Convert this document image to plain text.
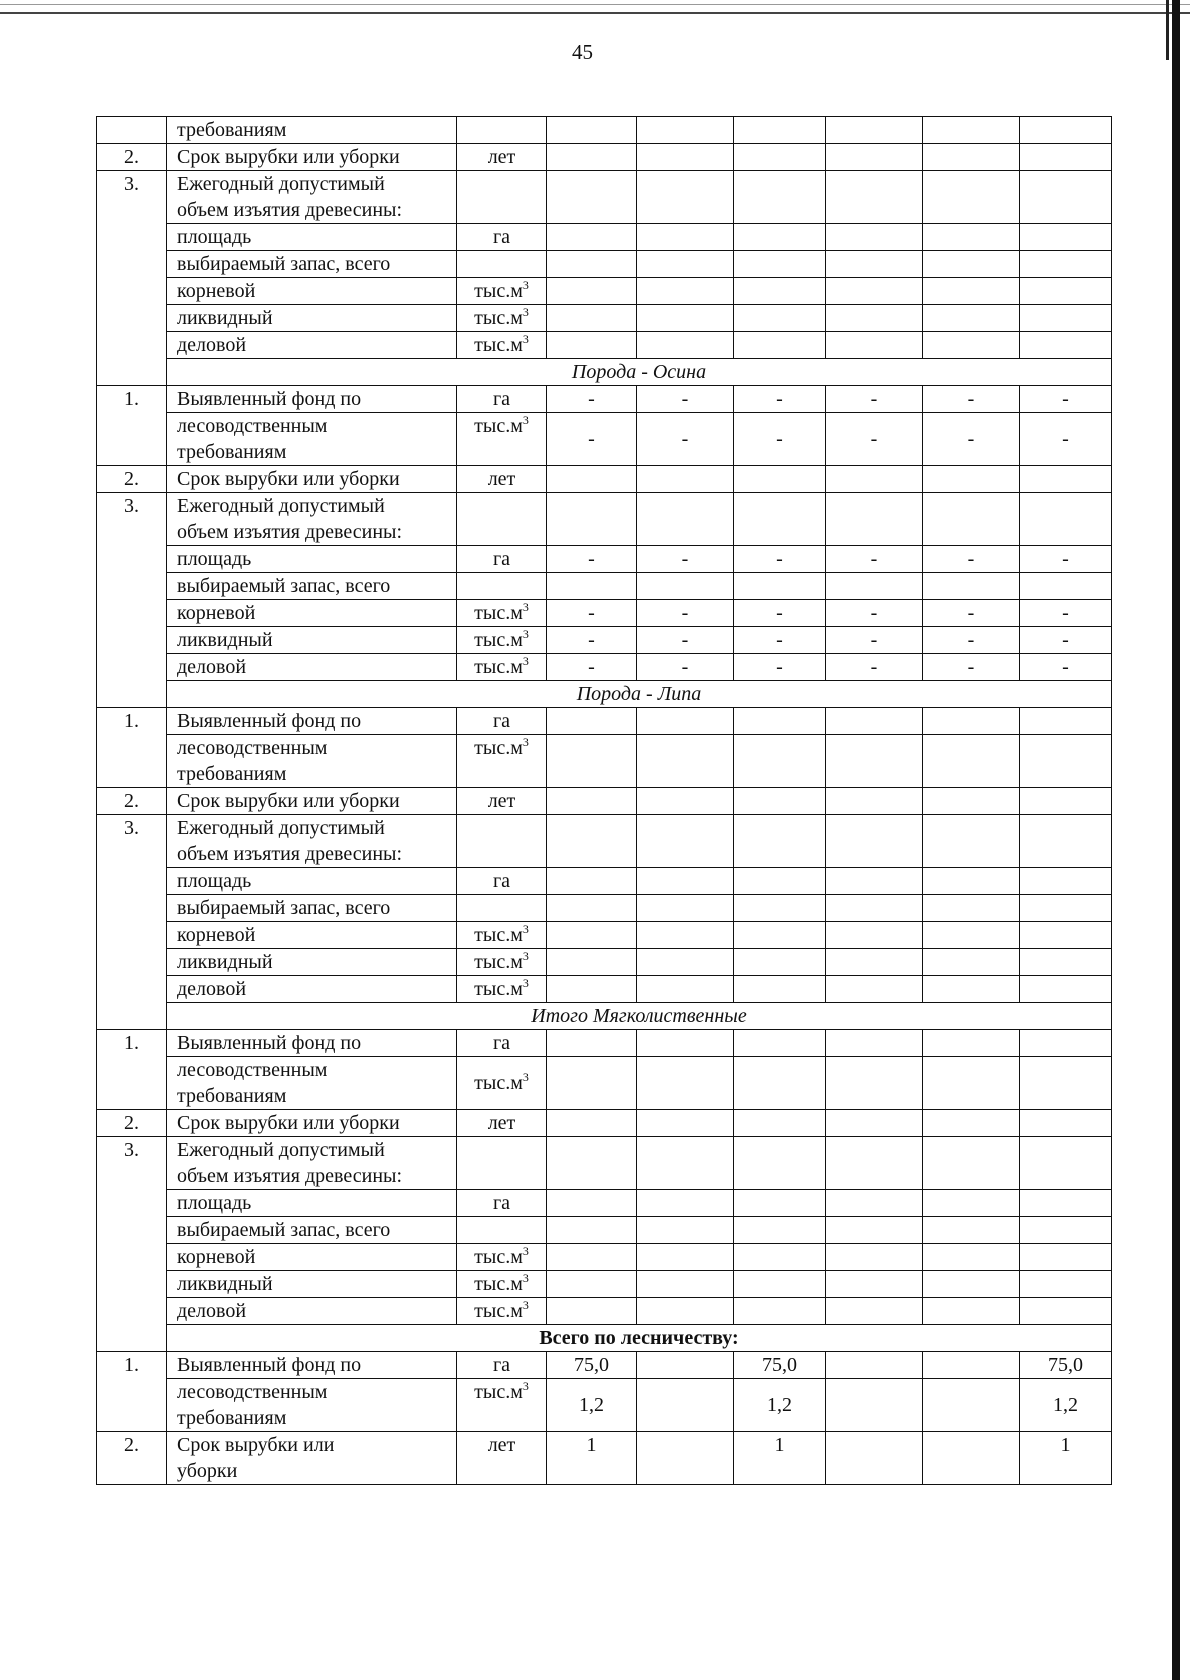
45
	требованиям							
2.	Срок вырубки или уборки	лет						
3.	Ежегодный допустимый							
	объем изъятия древесины:							
	площадь	га						
	выбираемый запас, всего							
	корневой	$тыс.м^3$						
	ликвидный	$тыс.м^3$						
	деловой	$тыс.м^3$						
	Порода - Осина							
1.	Выявленный фонд по	га	-	-	-	-	-	-
	лесоводственным	$тыс.м^3$	-	-	-	-	-	-
	требованиям							
2.	Срок вырубки или уборки	лет						
3.	Ежегодный допустимый							
	объем изъятия древесины:							
	площадь	га	-	-	-	-	-	-
	выбираемый запас, всего							
	корневой	$тыс.м^3$	-	-	-	-	-	-
	ликвидный	$тыс.м^3$	-	-	-	-	-	-
	деловой	$тыс.м^3$	-	-	-	-	-	-
	Порода - Липа							
1.	Выявленный фонд по	га						
	лесоводственным	$тыс.м^3$						
	требованиям							
2.	Срок вырубки или уборки	лет						
3.	Ежегодный допустимый							
	объем изъятия древесины:							
	площадь	га						
	выбираемый запас, всего							
	корневой	$тыс.м^3$						
	ликвидный	$тыс.м^3$						
	деловой	$тыс.м^3$						
	Итого Мягколиственные							
1.	Выявленный фонд по	га						
	лесоводственным	$тыс.м^3$						
	требованиям							
2.	Срок вырубки или уборки	лет						
3.	Ежегодный допустимый							
	объем изъятия древесины:							
	площадь	га						
	выбираемый запас, всего							
	корневой	$тыс.м^3$						
	ликвидный	$тыс.м^3$						
	деловой	$тыс.м^3$						
	Всего по лесничеству:							
1.	Выявленный фонд по	га	75,0		75,0			75,0
	лесоводственным	$тыс.м^3$	1,2		1,2			1,2
	требованиям							
2.	Срок вырубки или	лет	1		1			1
	уборки							
